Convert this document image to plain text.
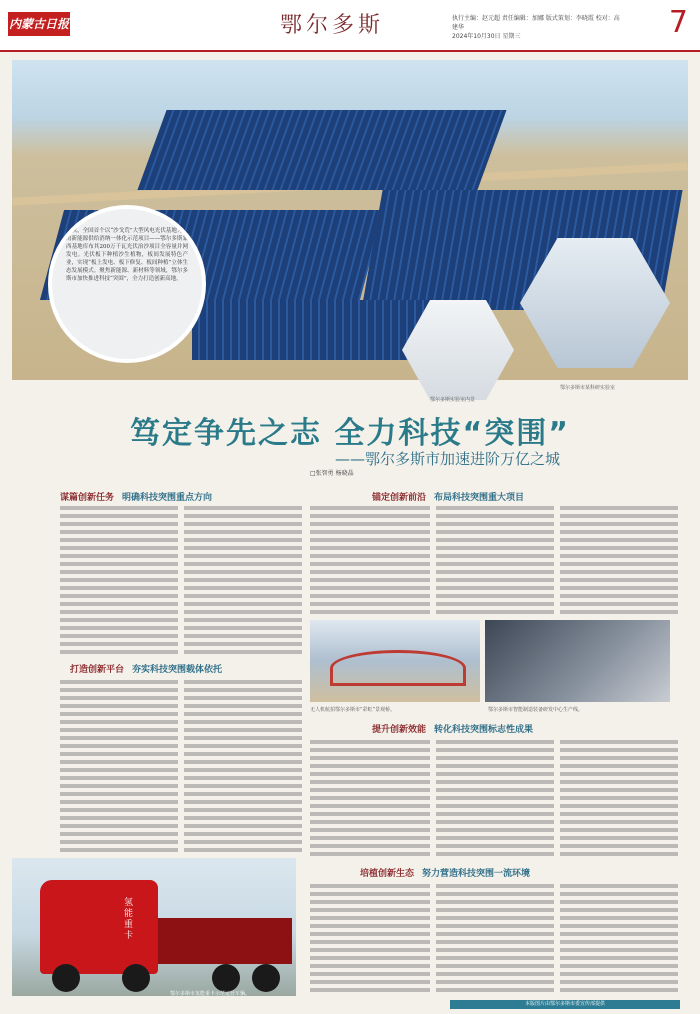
内蒙古日报	鄂尔多斯	执行主编：赵元超 责任编辑：加娜 版式策划：李晓霞 校对：高建华
2024年10月30日 星期三	7
深秋，全国首个以“沙戈荒”大型风电光伏基地为主的新能源供给消纳一体化示范项目——鄂尔多斯蒙西基地库布其200万千瓦光伏治沙项目全容量并网发电。光伏板下种植沙生植物，板间发展特色产业，实现“板上发电、板下修复、板间种植”立体生态发展模式。聚焦新能源、新材料等领域，鄂尔多斯市加快推进科技“突围”，全力打造创新高地。
鄂尔多斯市某科研实验室
鄂尔多斯实验室内景
笃定争先之志 全力科技“突围”
——鄂尔多斯市加速进阶万亿之城
□张智勇 杨晓晶
谋篇创新任务 明确科技突围重点方向	锚定创新前沿 布局科技突围重大项目
打造创新平台 夯实科技突围载体依托
提升创新效能 转化科技突围标志性成果
培植创新生态 努力营造科技突围一流环境
无人机航拍鄂尔多斯市“彩虹”景观桥。	鄂尔多斯市智能制造装备研发中心生产线。
氢能重卡
鄂尔多斯市氢能重卡示范运营车辆。
本版图片由鄂尔多斯市委宣传部提供
